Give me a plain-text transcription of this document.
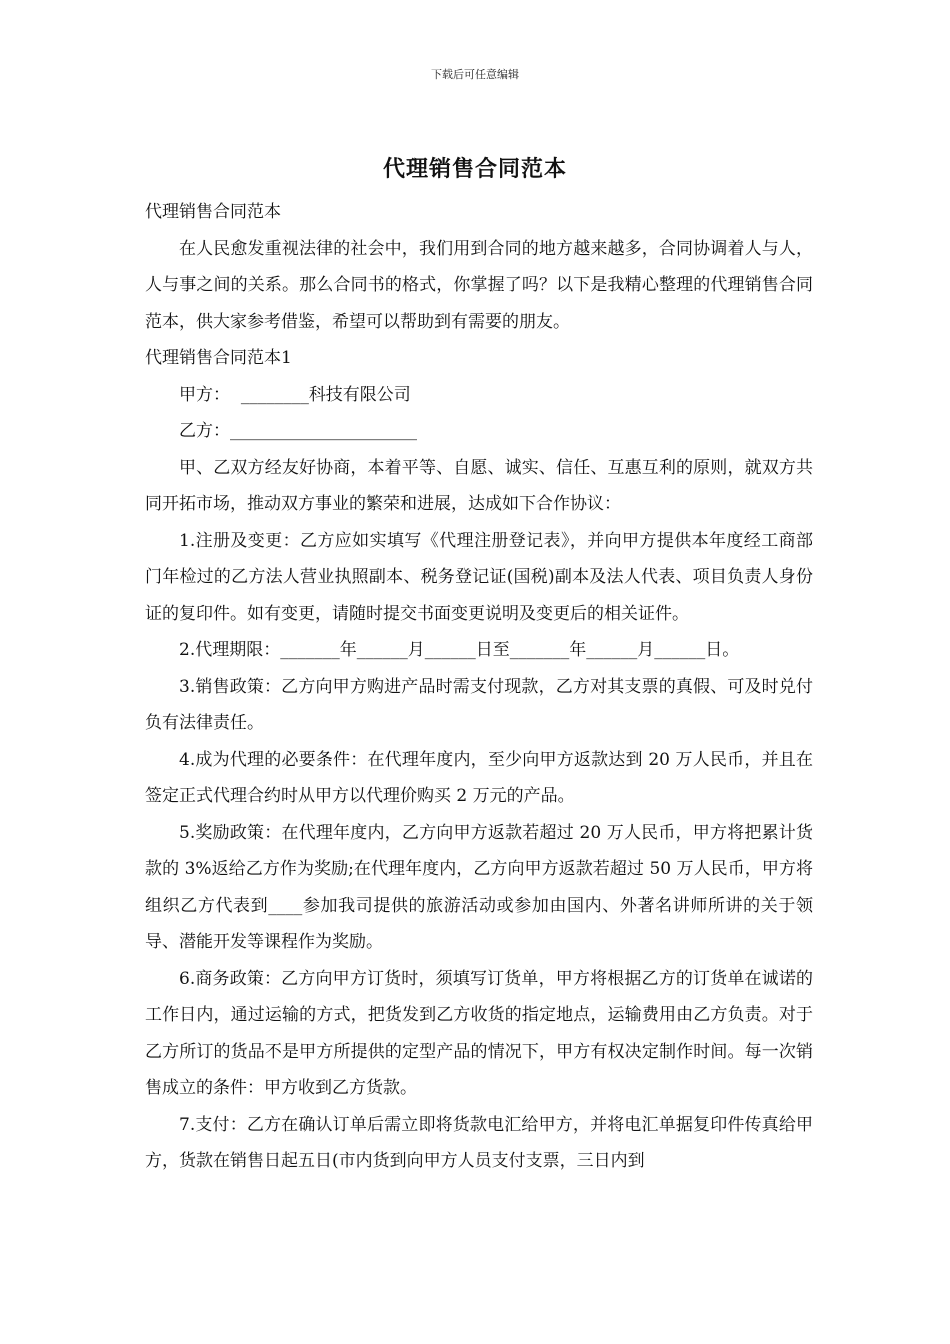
下载后可任意编辑
代理销售合同范本

代理销售合同范本

在人民愈发重视法律的社会中，我们用到合同的地方越来越多，合同协调着人与人，人与事之间的关系。那么合同书的格式，你掌握了吗？以下是我精心整理的代理销售合同范本，供大家参考借鉴，希望可以帮助到有需要的朋友。

代理销售合同范本1

甲方： ________科技有限公司

乙方：______________________

甲、乙双方经友好协商，本着平等、自愿、诚实、信任、互惠互利的原则，就双方共同开拓市场，推动双方事业的繁荣和进展，达成如下合作协议：

1.注册及变更：乙方应如实填写《代理注册登记表》，并向甲方提供本年度经工商部门年检过的乙方法人营业执照副本、税务登记证(国税)副本及法人代表、项目负责人身份证的复印件。如有变更，请随时提交书面变更说明及变更后的相关证件。

2.代理期限：_______年______月______日至_______年______月______日。

3.销售政策：乙方向甲方购进产品时需支付现款，乙方对其支票的真假、可及时兑付负有法律责任。

4.成为代理的必要条件：在代理年度内，至少向甲方返款达到 20 万人民币，并且在签定正式代理合约时从甲方以代理价购买 2 万元的产品。

5.奖励政策：在代理年度内，乙方向甲方返款若超过 20 万人民币，甲方将把累计货款的 3%返给乙方作为奖励;在代理年度内，乙方向甲方返款若超过 50 万人民币，甲方将组织乙方代表到____参加我司提供的旅游活动或参加由国内、外著名讲师所讲的关于领导、潜能开发等课程作为奖励。

6.商务政策：乙方向甲方订货时，须填写订货单，甲方将根据乙方的订货单在诚诺的工作日内，通过运输的方式，把货发到乙方收货的指定地点，运输费用由乙方负责。对于乙方所订的货品不是甲方所提供的定型产品的情况下，甲方有权决定制作时间。每一次销售成立的条件：甲方收到乙方货款。

7.支付：乙方在确认订单后需立即将货款电汇给甲方，并将电汇单据复印件传真给甲方，货款在销售日起五日(市内货到向甲方人员支付支票，三日内到
